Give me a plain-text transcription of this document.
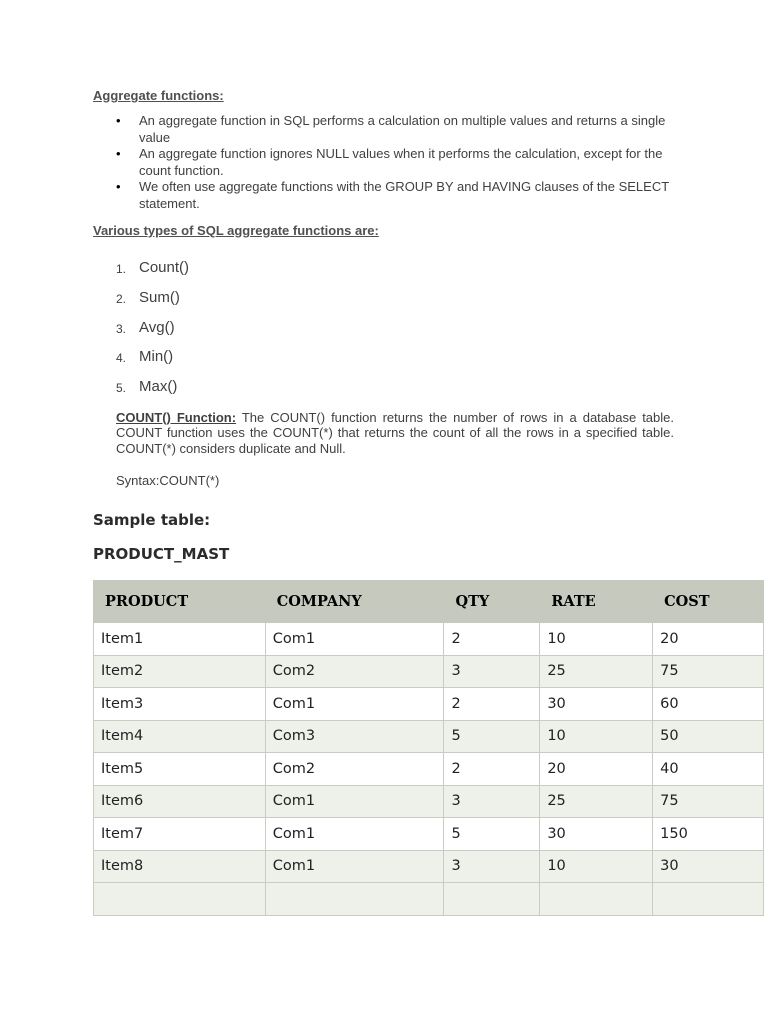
Aggregate functions:

• An aggregate function in SQL performs a calculation on multiple values and returns a single value
• An aggregate function ignores NULL values when it performs the calculation, except for the count function.
• We often use aggregate functions with the GROUP BY and HAVING clauses of the SELECT statement.

Various types of SQL aggregate functions are:

1. Count()
2. Sum()
3. Avg()
4. Min()
5. Max()

COUNT() Function: The COUNT() function returns the number of rows in a database table. COUNT function uses the COUNT(*) that returns the count of all the rows in a specified table. COUNT(*) considers duplicate and Null.

Syntax:COUNT(*)

Sample table:

PRODUCT_MAST

PRODUCT	COMPANY	QTY	RATE	COST
Item1	Com1	2	10	20
Item2	Com2	3	25	75
Item3	Com1	2	30	60
Item4	Com3	5	10	50
Item5	Com2	2	20	40
Item6	Com1	3	25	75
Item7	Com1	5	30	150
Item8	Com1	3	10	30
